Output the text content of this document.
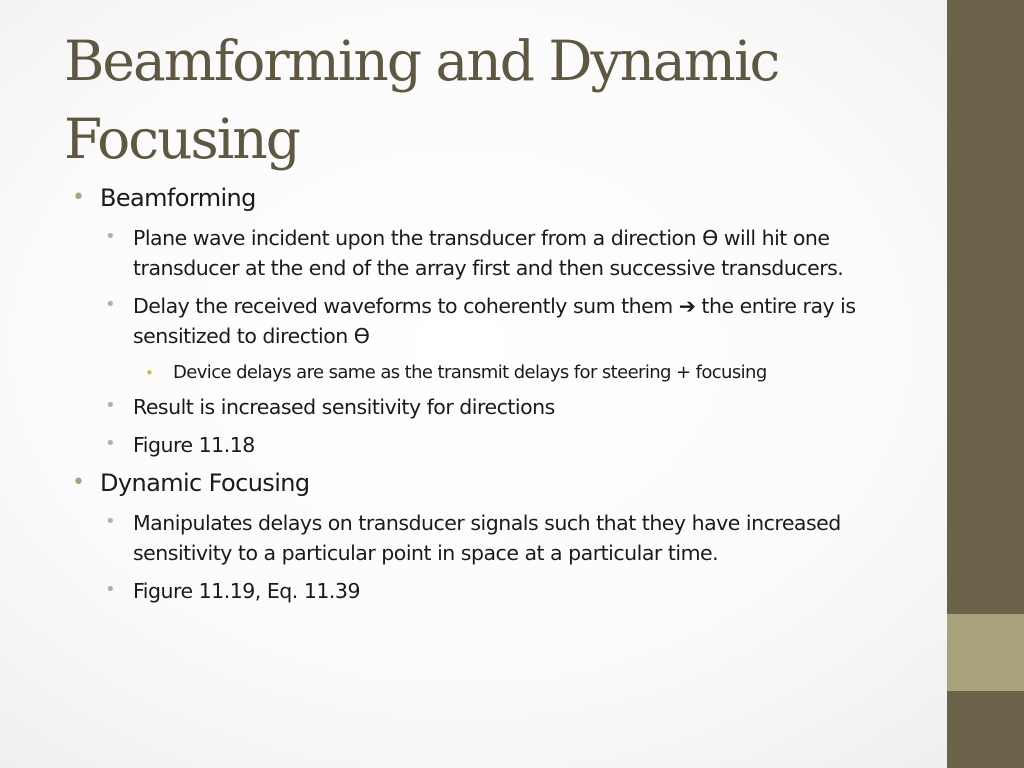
Beamforming and Dynamic Focusing
• Beamforming
• Plane wave incident upon the transducer from a direction Ѳ will hit one transducer at the end of the array first and then successive transducers.
• Delay the received waveforms to coherently sum them ➔ the entire ray is sensitized to direction Ѳ
• Device delays are same as the transmit delays for steering + focusing
• Result is increased sensitivity for directions
• Figure 11.18
• Dynamic Focusing
• Manipulates delays on transducer signals such that they have increased sensitivity to a particular point in space at a particular time.
• Figure 11.19, Eq. 11.39
